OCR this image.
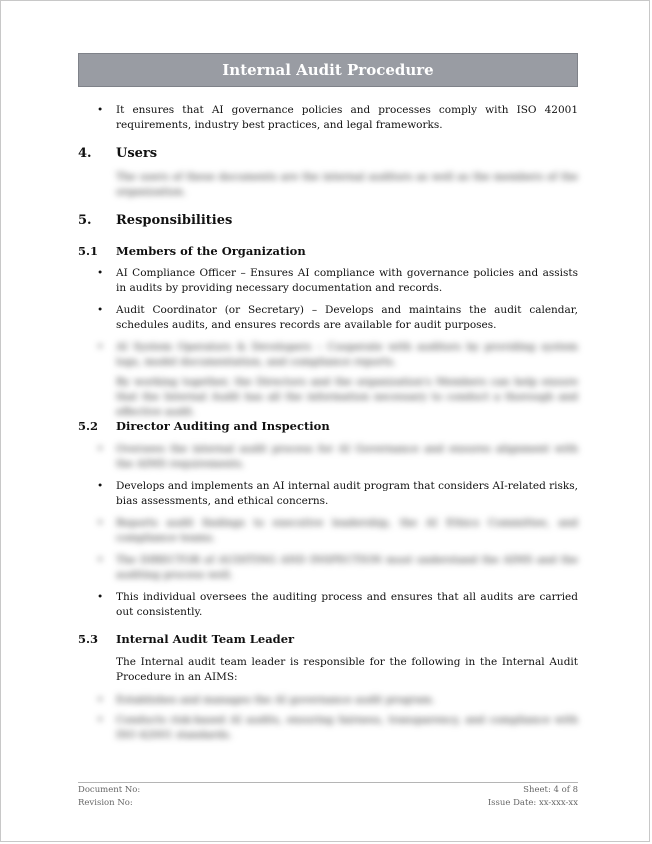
Internal Audit Procedure
• It ensures that AI governance policies and processes comply with ISO 42001 requirements, industry best practices, and legal frameworks.
4. Users
The users of these documents are the internal auditors as well as the members of the organization.
5. Responsibilities
5.1 Members of the Organization
• AI Compliance Officer – Ensures AI compliance with governance policies and assists in audits by providing necessary documentation and records.
• Audit Coordinator (or Secretary) – Develops and maintains the audit calendar, schedules audits, and ensures records are available for audit purposes.
• AI System Operators & Developers – Cooperate with auditors by providing system logs, model documentation, and compliance reports.
By working together, the Directors and the organization's Members can help ensure that the Internal Audit has all the information necessary to conduct a thorough and effective audit.
5.2 Director Auditing and Inspection
• Oversees the internal audit process for AI Governance and ensures alignment with the AIMS requirements.
• Develops and implements an AI internal audit program that considers AI-related risks, bias assessments, and ethical concerns.
• Reports audit findings to executive leadership, the AI Ethics Committee, and compliance teams.
• The DIRECTOR of AUDITING AND INSPECTION must understand the AIMS and the auditing process well.
• This individual oversees the auditing process and ensures that all audits are carried out consistently.
5.3 Internal Audit Team Leader
The Internal audit team leader is responsible for the following in the Internal Audit Procedure in an AIMS:
• Establishes and manages the AI governance audit program.
• Conducts risk-based AI audits, ensuring fairness, transparency, and compliance with ISO 42001 standards.
Document No:
Revision No:
Sheet: 4 of 8
Issue Date: xx-xxx-xx
